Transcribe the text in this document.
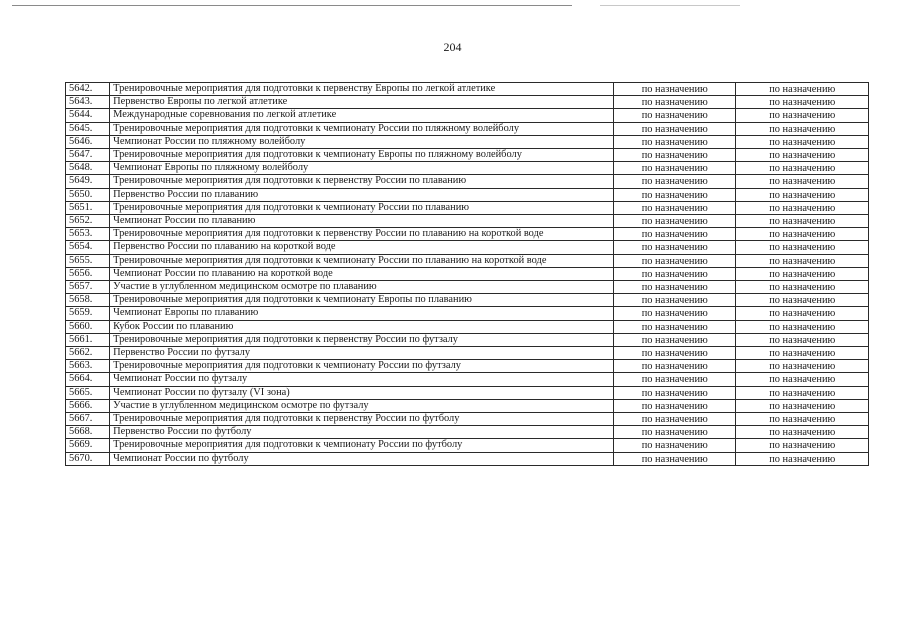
204
5642.	Тренировочные мероприятия для подготовки к первенству Европы по легкой атлетике	по назначению	по назначению
5643.	Первенство Европы по легкой атлетике	по назначению	по назначению
5644.	Международные соревнования по легкой атлетике	по назначению	по назначению
5645.	Тренировочные мероприятия для подготовки к чемпионату России по пляжному волейболу	по назначению	по назначению
5646.	Чемпионат России по пляжному волейболу	по назначению	по назначению
5647.	Тренировочные мероприятия для подготовки к чемпионату Европы по пляжному волейболу	по назначению	по назначению
5648.	Чемпионат Европы по пляжному волейболу	по назначению	по назначению
5649.	Тренировочные мероприятия для подготовки к первенству России по плаванию	по назначению	по назначению
5650.	Первенство России по плаванию	по назначению	по назначению
5651.	Тренировочные мероприятия для подготовки к чемпионату России по плаванию	по назначению	по назначению
5652.	Чемпионат России по плаванию	по назначению	по назначению
5653.	Тренировочные мероприятия для подготовки к первенству России по плаванию на короткой воде	по назначению	по назначению
5654.	Первенство России по плаванию на короткой воде	по назначению	по назначению
5655.	Тренировочные мероприятия для подготовки к чемпионату России по плаванию на короткой воде	по назначению	по назначению
5656.	Чемпионат России по плаванию на короткой воде	по назначению	по назначению
5657.	Участие в углубленном медицинском осмотре по плаванию	по назначению	по назначению
5658.	Тренировочные мероприятия для подготовки к чемпионату Европы по плаванию	по назначению	по назначению
5659.	Чемпионат Европы по плаванию	по назначению	по назначению
5660.	Кубок России по плаванию	по назначению	по назначению
5661.	Тренировочные мероприятия для подготовки к первенству России по футзалу	по назначению	по назначению
5662.	Первенство России по футзалу	по назначению	по назначению
5663.	Тренировочные мероприятия для подготовки к чемпионату России по футзалу	по назначению	по назначению
5664.	Чемпионат России по футзалу	по назначению	по назначению
5665.	Чемпионат России по футзалу (VI зона)	по назначению	по назначению
5666.	Участие в углубленном медицинском осмотре по футзалу	по назначению	по назначению
5667.	Тренировочные мероприятия для подготовки к первенству России по футболу	по назначению	по назначению
5668.	Первенство России по футболу	по назначению	по назначению
5669.	Тренировочные мероприятия для подготовки к чемпионату России по футболу	по назначению	по назначению
5670.	Чемпионат России по футболу	по назначению	по назначению
